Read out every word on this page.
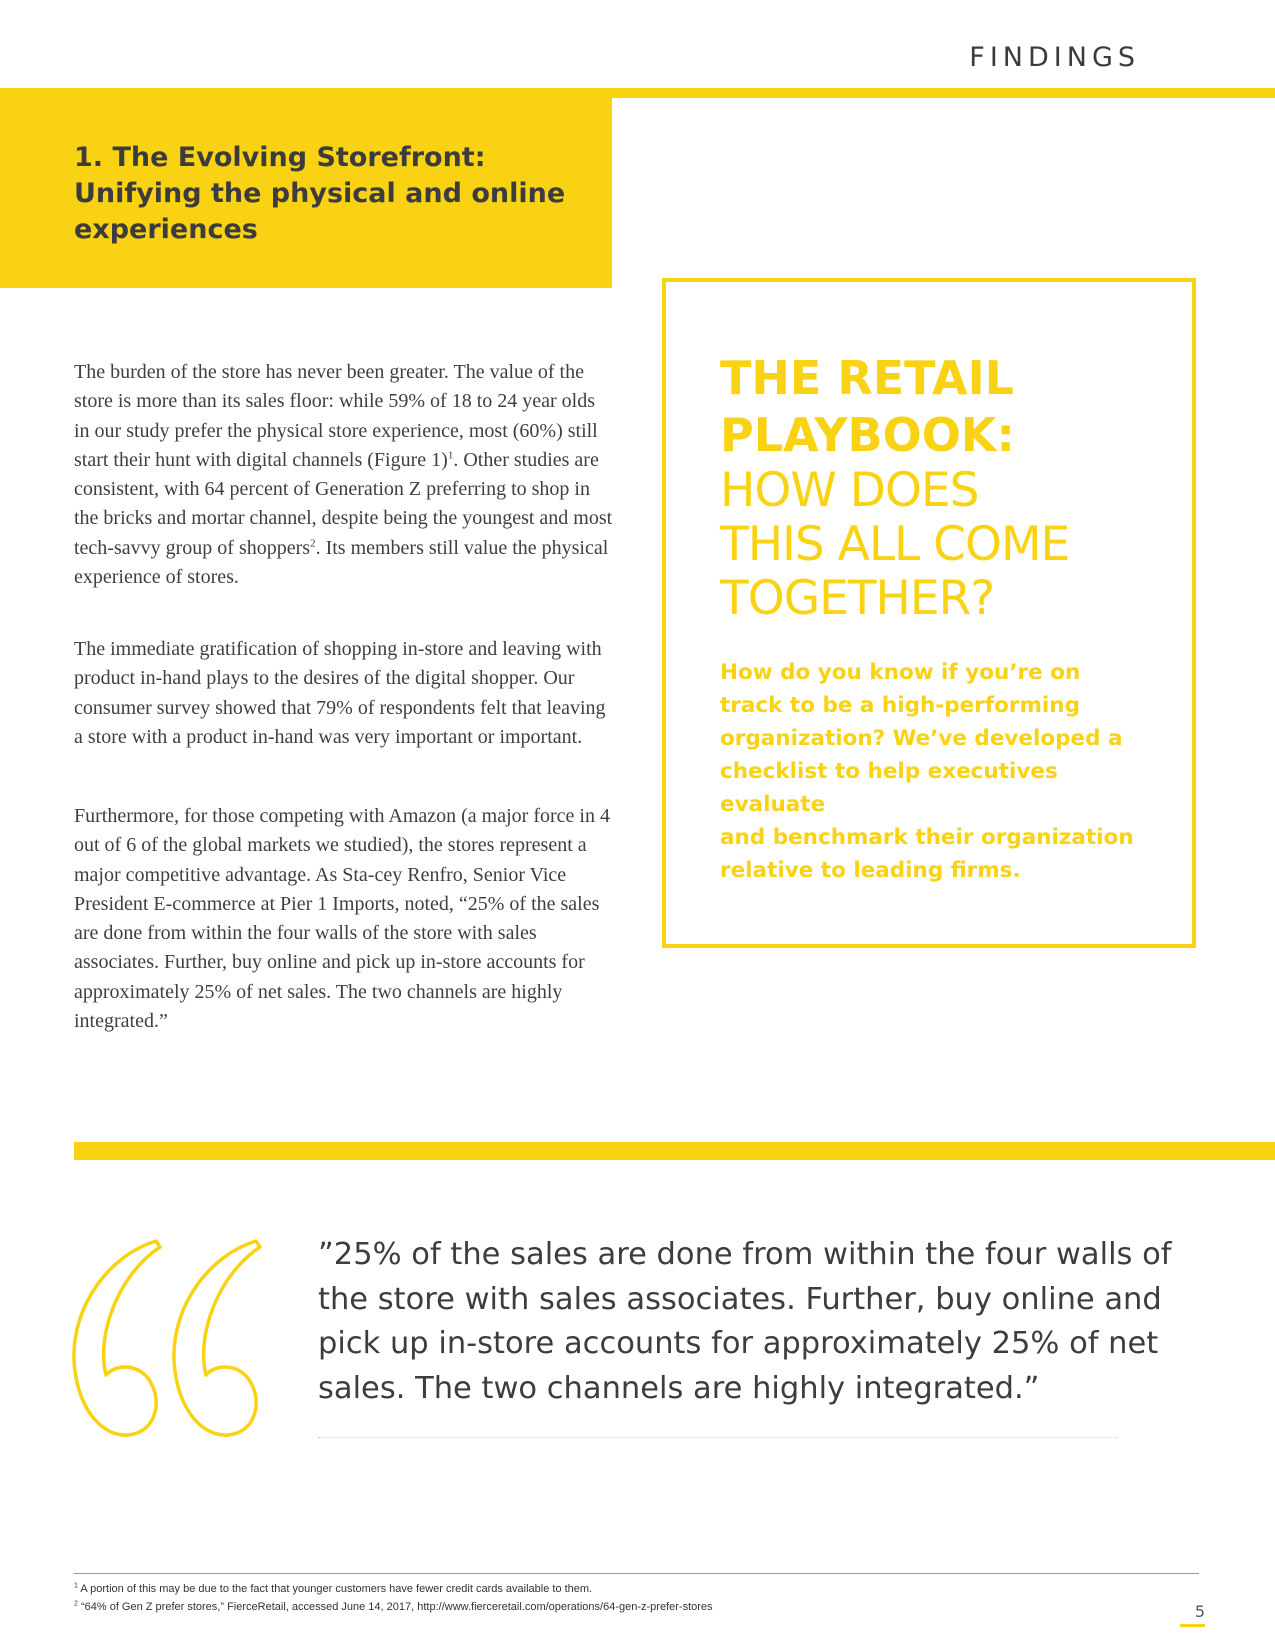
FINDINGS
1. The Evolving Storefront:
Unifying the physical and online
experiences

The burden of the store has never been greater. The value of the store is more than its sales floor: while 59% of 18 to 24 year olds in our study prefer the physical store experience, most (60%) still start their hunt with digital channels (Figure 1)$^1$. Other studies are consistent, with 64 percent of Generation Z preferring to shop in the bricks and mortar channel, despite being the youngest and most tech-savvy group of shoppers$^2$. Its members still value the physical experience of stores.

The immediate gratification of shopping in-store and leaving with product in-hand plays to the desires of the digital shopper. Our consumer survey showed that 79% of respondents felt that leaving a store with a product in-hand was very important or important.

Furthermore, for those competing with Amazon (a major force in 4 out of 6 of the global markets we studied), the stores represent a major competitive advantage. As Sta-cey Renfro, Senior Vice President E-commerce at Pier 1 Imports, noted, “25% of the sales are done from within the four walls of the store with sales associates. Further, buy online and pick up in-store accounts for approximately 25% of net sales. The two channels are highly integrated.”

THE RETAIL
PLAYBOOK:
HOW DOES
THIS ALL COME
TOGETHER?
How do you know if you’re on
track to be a high-performing
organization? We’ve developed a
checklist to help executives evaluate
and benchmark their organization
relative to leading firms.

”25% of the sales are done from within the four walls of
the store with sales associates. Further, buy online and
pick up in-store accounts for approximately 25% of net
sales. The two channels are highly integrated.”

$^1$ A portion of this may be due to the fact that younger customers have fewer credit cards available to them.
$^2$ “64% of Gen Z prefer stores,” FierceRetail, accessed June 14, 2017, http://www.fierceretail.com/operations/64-gen-z-prefer-stores	5
